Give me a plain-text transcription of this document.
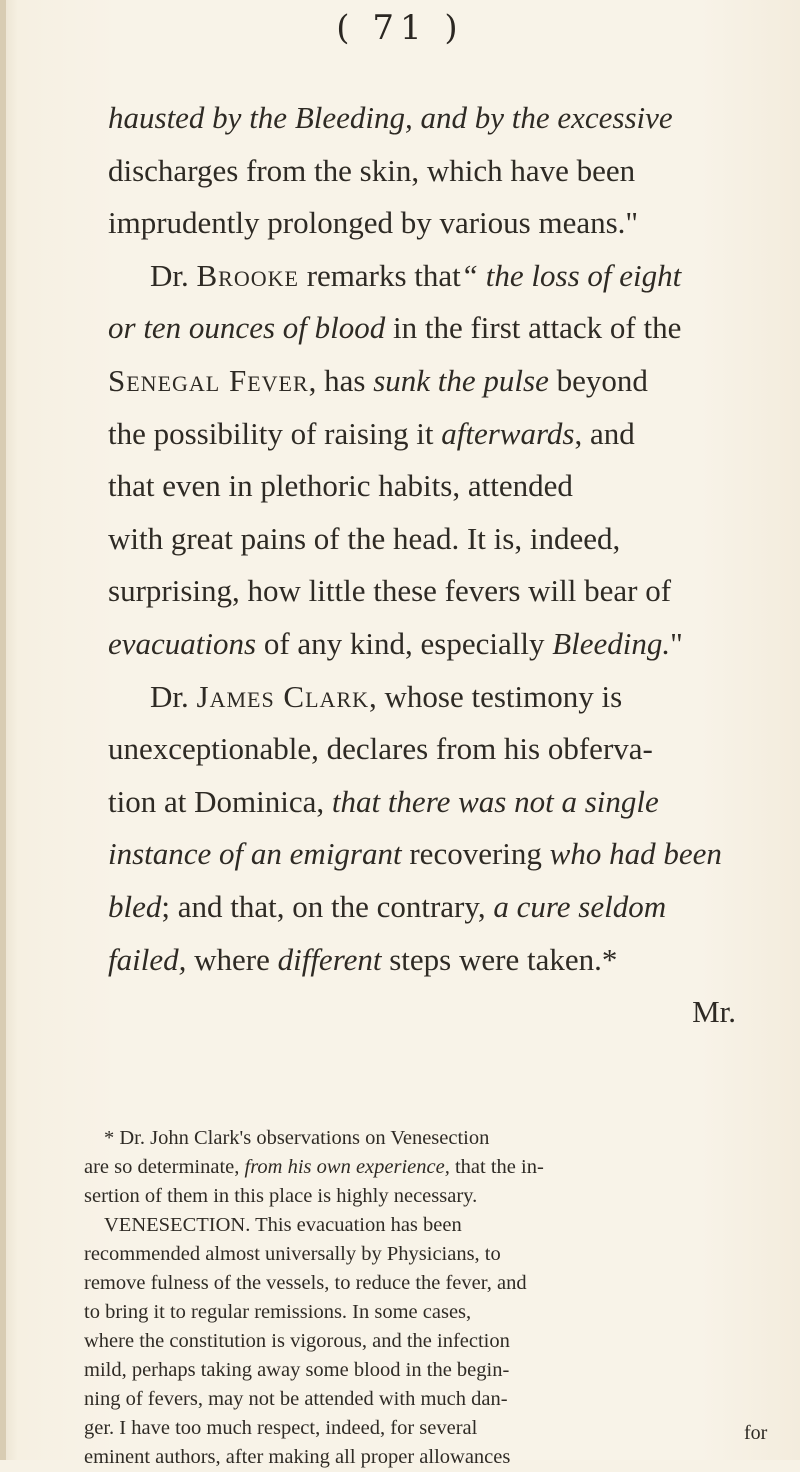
( 71 )

hausted by the Bleeding, and by the excessive
discharges from the skin, which have been
imprudently prolonged by various means."

Dr. Brooke remarks that“ the loss of eight
or ten ounces of blood in the first attack of the
Senegal Fever, has sunk the pulse beyond
the possibility of raising it afterwards, and
that even in plethoric habits, attended
with great pains of the head. It is, indeed,
surprising, how little these fevers will bear of
evacuations of any kind, especially Bleeding."

Dr. James Clark, whose testimony is
unexceptionable, declares from his obferva-
tion at Dominica, that there was not a single
instance of an emigrant recovering who had been
bled; and that, on the contrary, a cure seldom
failed, where different steps were taken.*
Mr.

* Dr. John Clark's observations on Venesection
are so determinate, from his own experience, that the in-
sertion of them in this place is highly necessary.
VENESECTION. This evacuation has been
recommended almost universally by Physicians, to
remove fulness of the vessels, to reduce the fever, and
to bring it to regular remissions. In some cases,
where the constitution is vigorous, and the infection
mild, perhaps taking away some blood in the begin-
ning of fevers, may not be attended with much dan-
ger. I have too much respect, indeed, for several
eminent authors, after making all proper allowances
for
